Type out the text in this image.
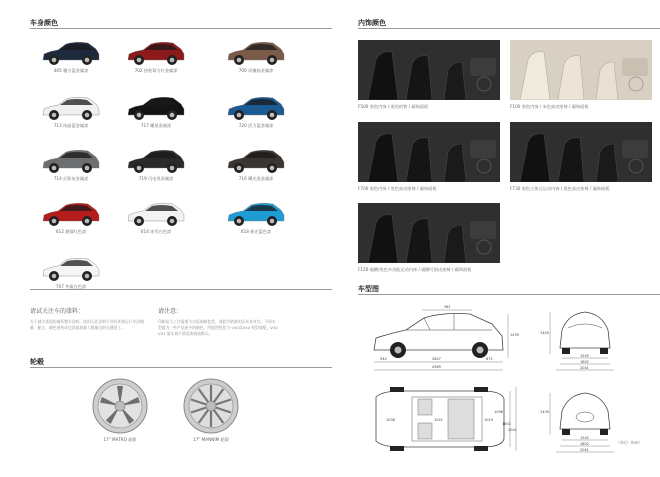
车身颜色
405 魔力蓝金属漆	702 热松莓力红金属漆	700 玫瑰棕金属漆
713 冰晶蓝金属漆	717 曜黑金属漆	720 活力蓝金属漆
714 幻影灰金属漆	719 闪电黑金属漆	716 曙光黑金属漆
612 激情红色漆	614 冰雪白色漆	618 极光蓝色漆
707 冬霜白色漆
请试关注车的漆料：
关于减少漆面的破坏整车涂料，选用天任涂料不伴有环境运行车涂刷量，配合，颜色的变成也漆高质量人数量完的交通论工...
请注意：
印刷出与工作需要与实际的颜色差，请此经销商实际车来对比，不同车型最为一些产品更多的颜色，所提图包括与 V40及V40 机型请配，V40 V41 请车请不情况请请请明示。
轮毂
17" MATRO 轮毂	17" MANNIM 轮毂
内饰颜色
F500 黑色内饰 / 黑色织物 / 碳饰面板	F100 黑色内饰 / 米色真皮座椅 / 碳饰面板
F700 黑色内饰 / 黑色真皮座椅 / 碳饰面板	F730 黑色立体式运动内饰 / 黑色真皮座椅 / 碳饰面板
F120 碳酸/黑色多功能运动内饰 / 碳酸可搭皮座椅 / 碳饰面板
车型图
1439
361
944	2647	872
4369
1445
1545
1802
2041
1038	1041	1019
1098
1802
2041
1439
1545
1802
2041
（单位: mm）
